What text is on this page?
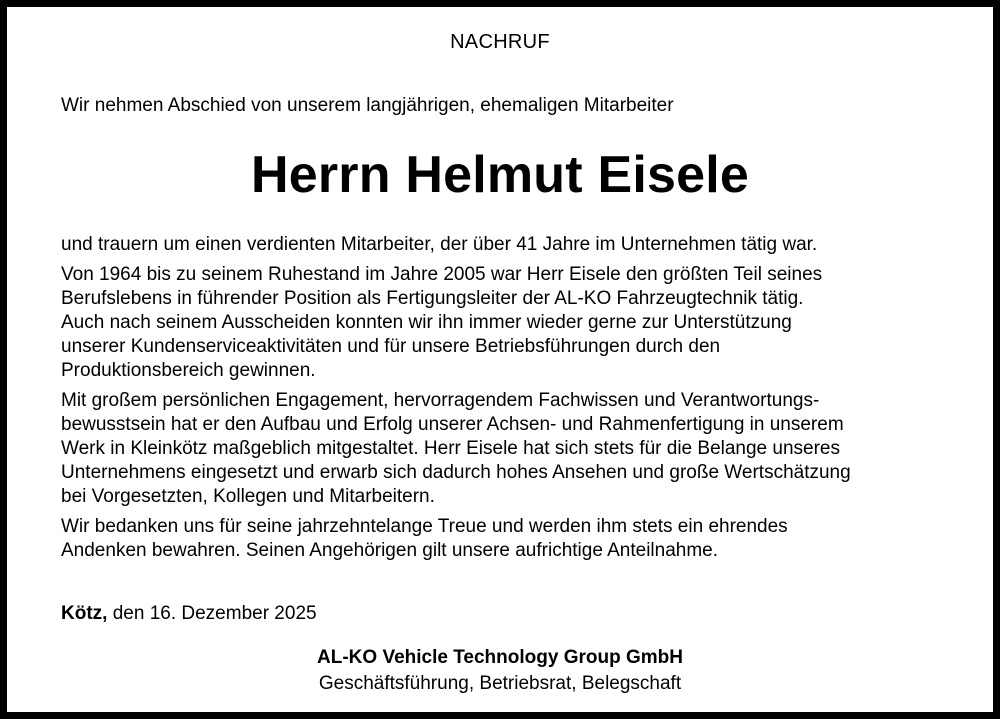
NACHRUF
Wir nehmen Abschied von unserem langjährigen, ehemaligen Mitarbeiter
Herrn Helmut Eisele

und trauern um einen verdienten Mitarbeiter, der über 41 Jahre im Unternehmen tätig war.

Von 1964 bis zu seinem Ruhestand im Jahre 2005 war Herr Eisele den größten Teil seines
Berufslebens in führender Position als Fertigungsleiter der AL-KO Fahrzeugtechnik tätig.
Auch nach seinem Ausscheiden konnten wir ihn immer wieder gerne zur Unterstützung
unserer Kundenserviceaktivitäten und für unsere Betriebsführungen durch den
Produktionsbereich gewinnen.

Mit großem persönlichen Engagement, hervorragendem Fachwissen und Verantwortungs-
bewusstsein hat er den Aufbau und Erfolg unserer Achsen- und Rahmenfertigung in unserem
Werk in Kleinkötz maßgeblich mitgestaltet. Herr Eisele hat sich stets für die Belange unseres
Unternehmens eingesetzt und erwarb sich dadurch hohes Ansehen und große Wertschätzung
bei Vorgesetzten, Kollegen und Mitarbeitern.

Wir bedanken uns für seine jahrzehntelange Treue und werden ihm stets ein ehrendes
Andenken bewahren. Seinen Angehörigen gilt unsere aufrichtige Anteilnahme.

Kötz, den 16. Dezember 2025
AL-KO Vehicle Technology Group GmbH
Geschäftsführung, Betriebsrat, Belegschaft
